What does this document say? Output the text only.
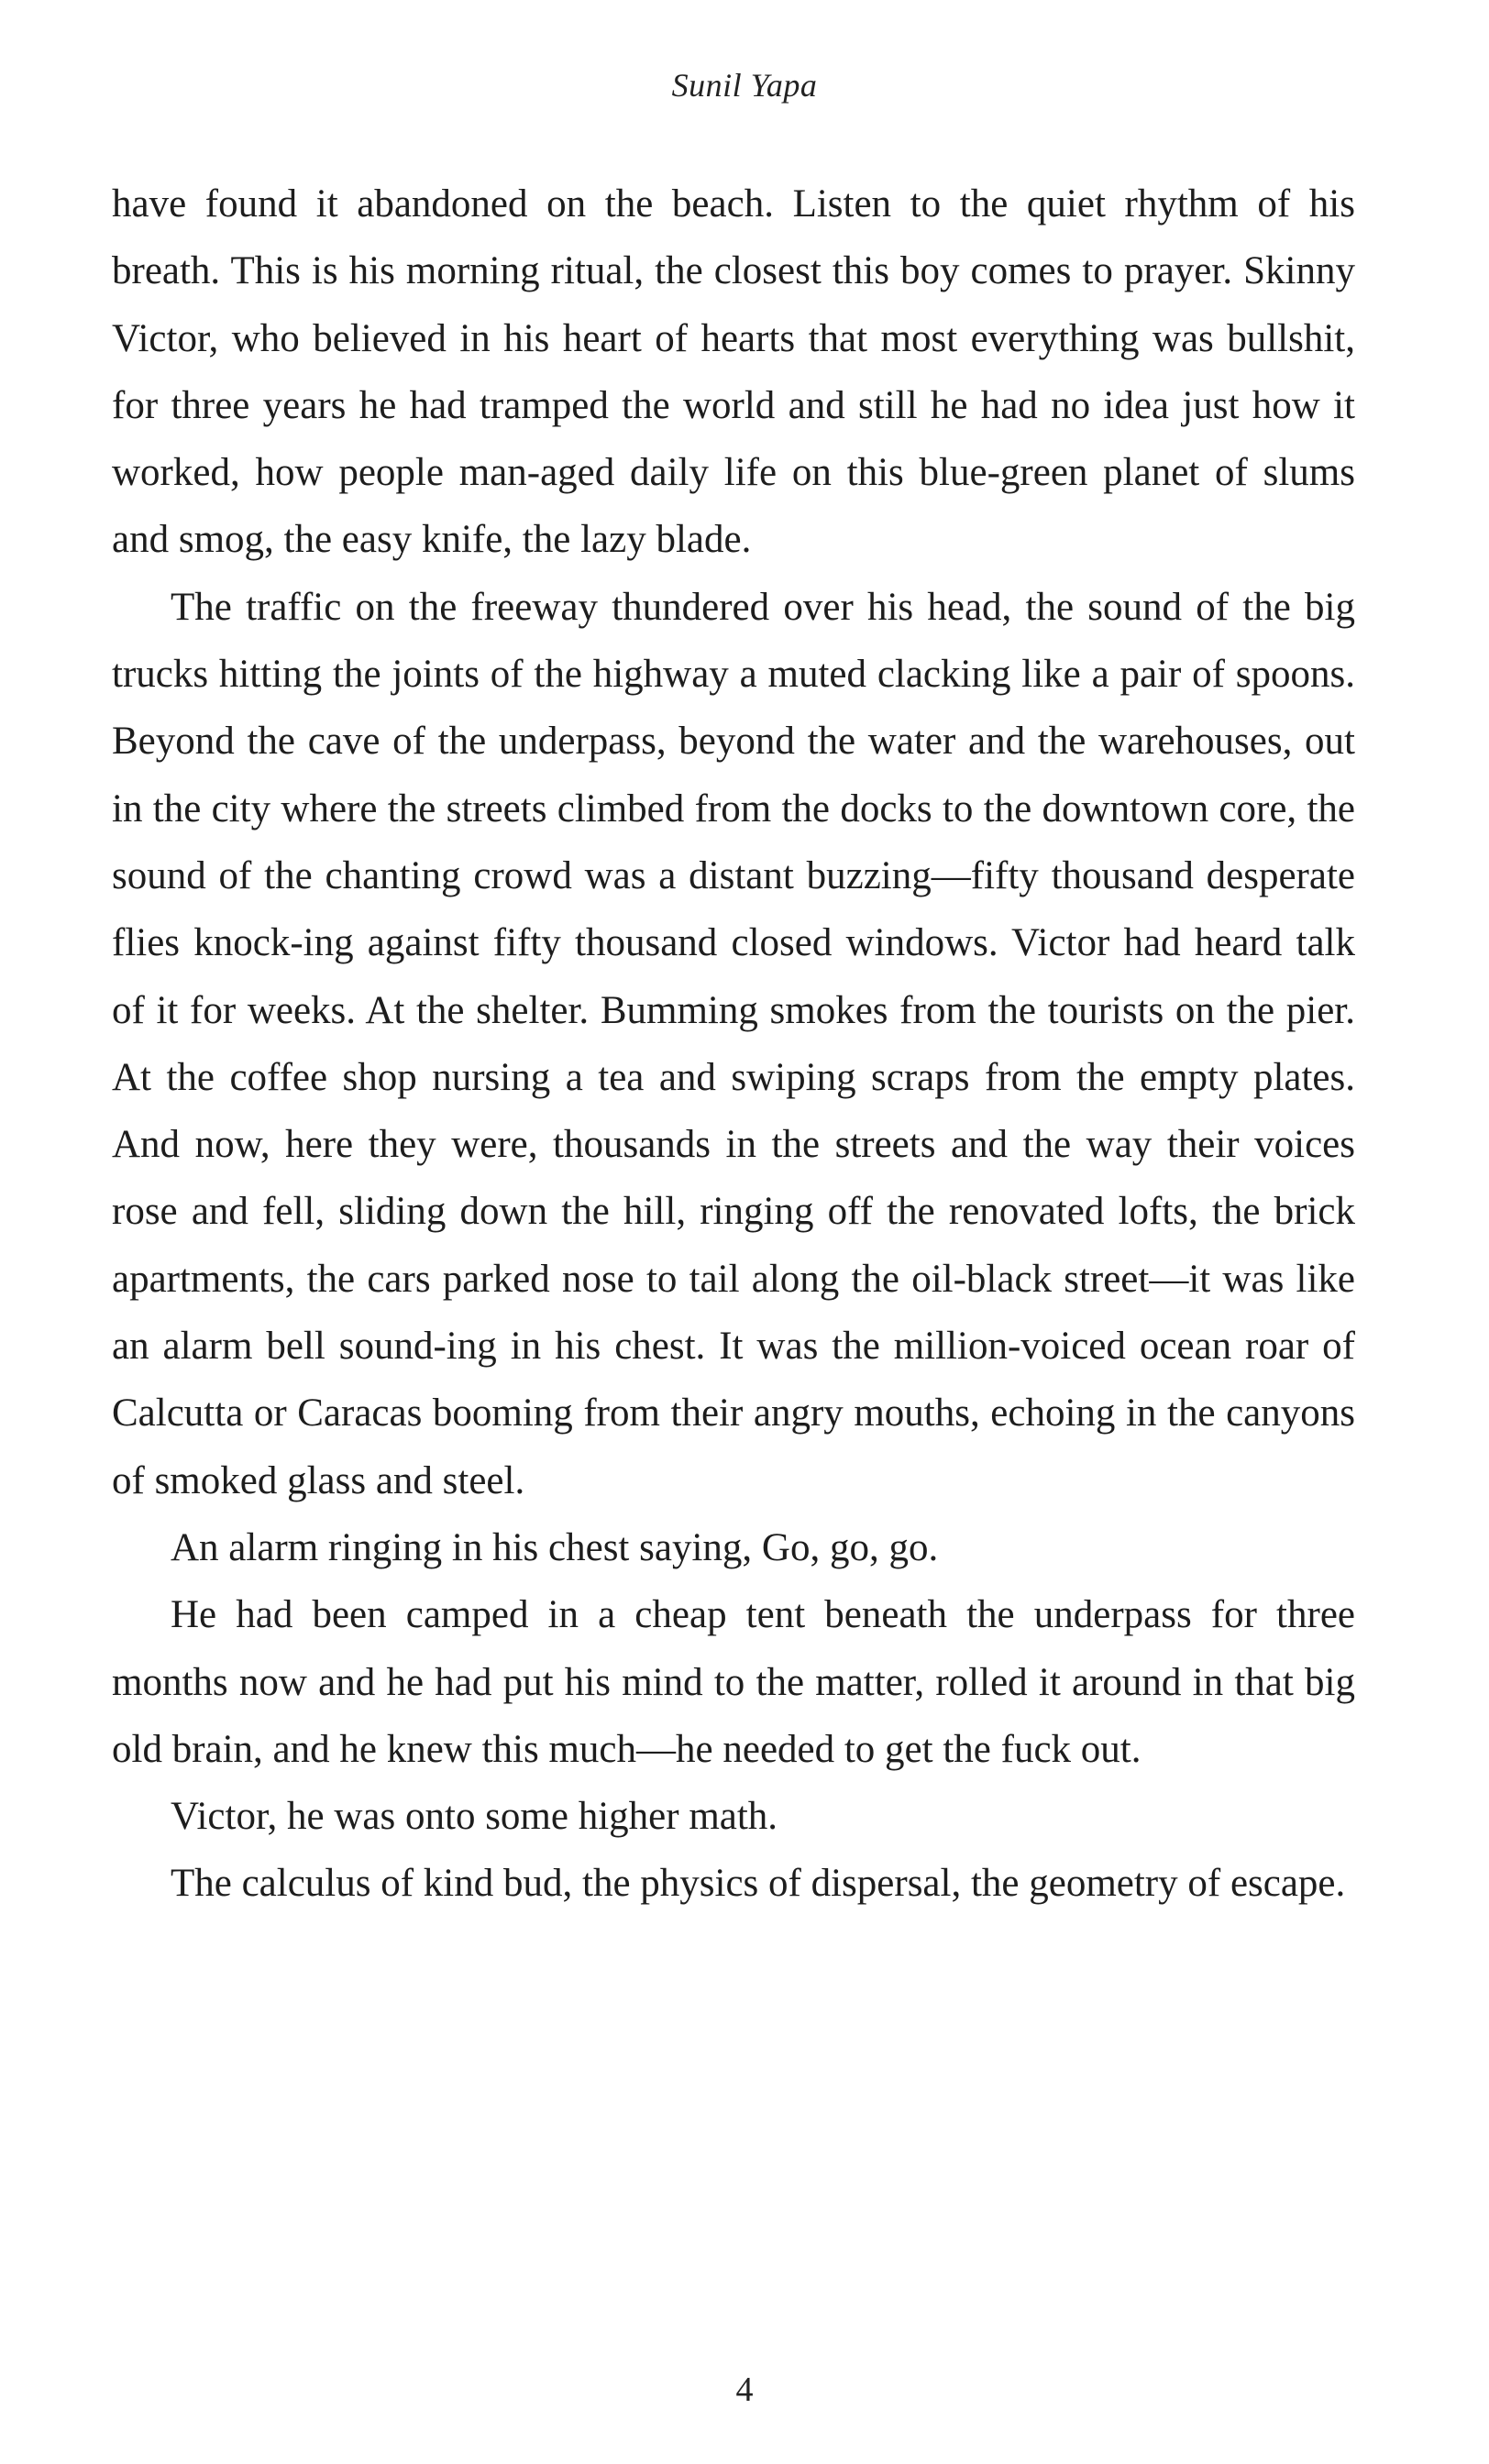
Sunil Yapa

have found it abandoned on the beach. Listen to the quiet rhythm of his breath. This is his morning ritual, the closest this boy comes to prayer. Skinny Victor, who believed in his heart of hearts that most everything was bullshit, for three years he had tramped the world and still he had no idea just how it worked, how people man-aged daily life on this blue-green planet of slums and smog, the easy knife, the lazy blade.

The traffic on the freeway thundered over his head, the sound of the big trucks hitting the joints of the highway a muted clacking like a pair of spoons. Beyond the cave of the underpass, beyond the water and the warehouses, out in the city where the streets climbed from the docks to the downtown core, the sound of the chanting crowd was a distant buzzing—fifty thousand desperate flies knock-ing against fifty thousand closed windows. Victor had heard talk of it for weeks. At the shelter. Bumming smokes from the tourists on the pier. At the coffee shop nursing a tea and swiping scraps from the empty plates. And now, here they were, thousands in the streets and the way their voices rose and fell, sliding down the hill, ringing off the renovated lofts, the brick apartments, the cars parked nose to tail along the oil-black street—it was like an alarm bell sound-ing in his chest. It was the million-voiced ocean roar of Calcutta or Caracas booming from their angry mouths, echoing in the canyons of smoked glass and steel.

An alarm ringing in his chest saying, Go, go, go.

He had been camped in a cheap tent beneath the underpass for three months now and he had put his mind to the matter, rolled it around in that big old brain, and he knew this much—he needed to get the fuck out.

Victor, he was onto some higher math.

The calculus of kind bud, the physics of dispersal, the geometry of escape.

4
